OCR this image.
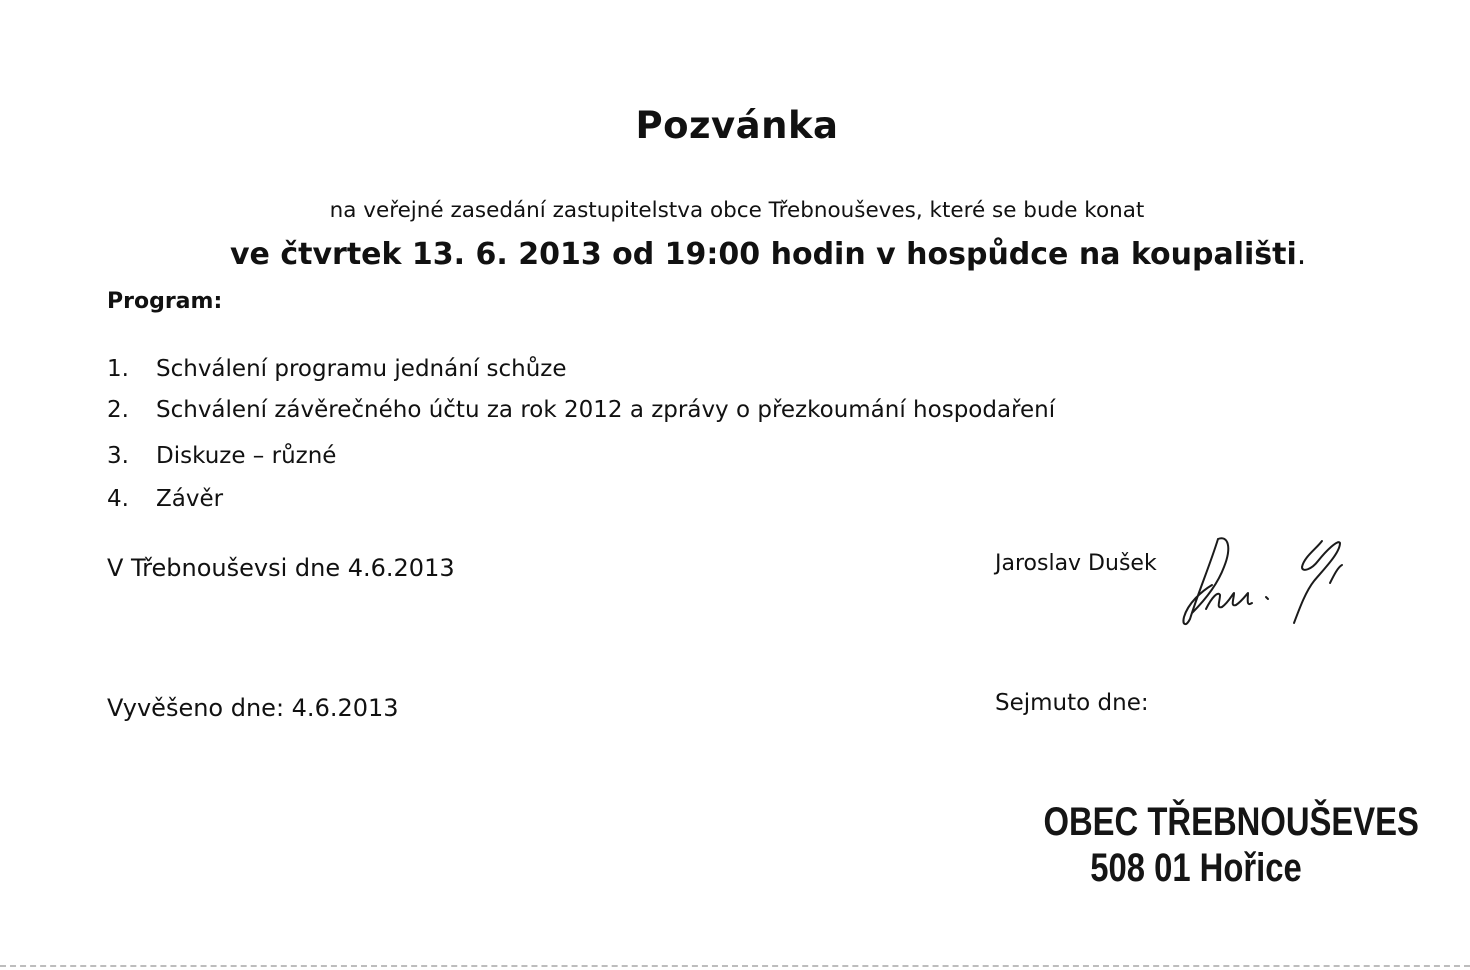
Pozvánka
na veřejné zasedání zastupitelstva obce Třebnouševes, které se bude konat
ve čtvrtek 13. 6. 2013 od 19:00 hodin v hospůdce na koupališti.
Program:
1. Schválení programu jednání schůze
2. Schválení závěrečného účtu za rok 2012 a zprávy o přezkoumání hospodaření
3. Diskuze – různé
4. Závěr
V Třebnouševsi dne 4.6.2013	Jaroslav Dušek
Vyvěšeno dne: 4.6.2013	Sejmuto dne:
OBEC TŘEBNOUŠEVES
508 01 Hořice
